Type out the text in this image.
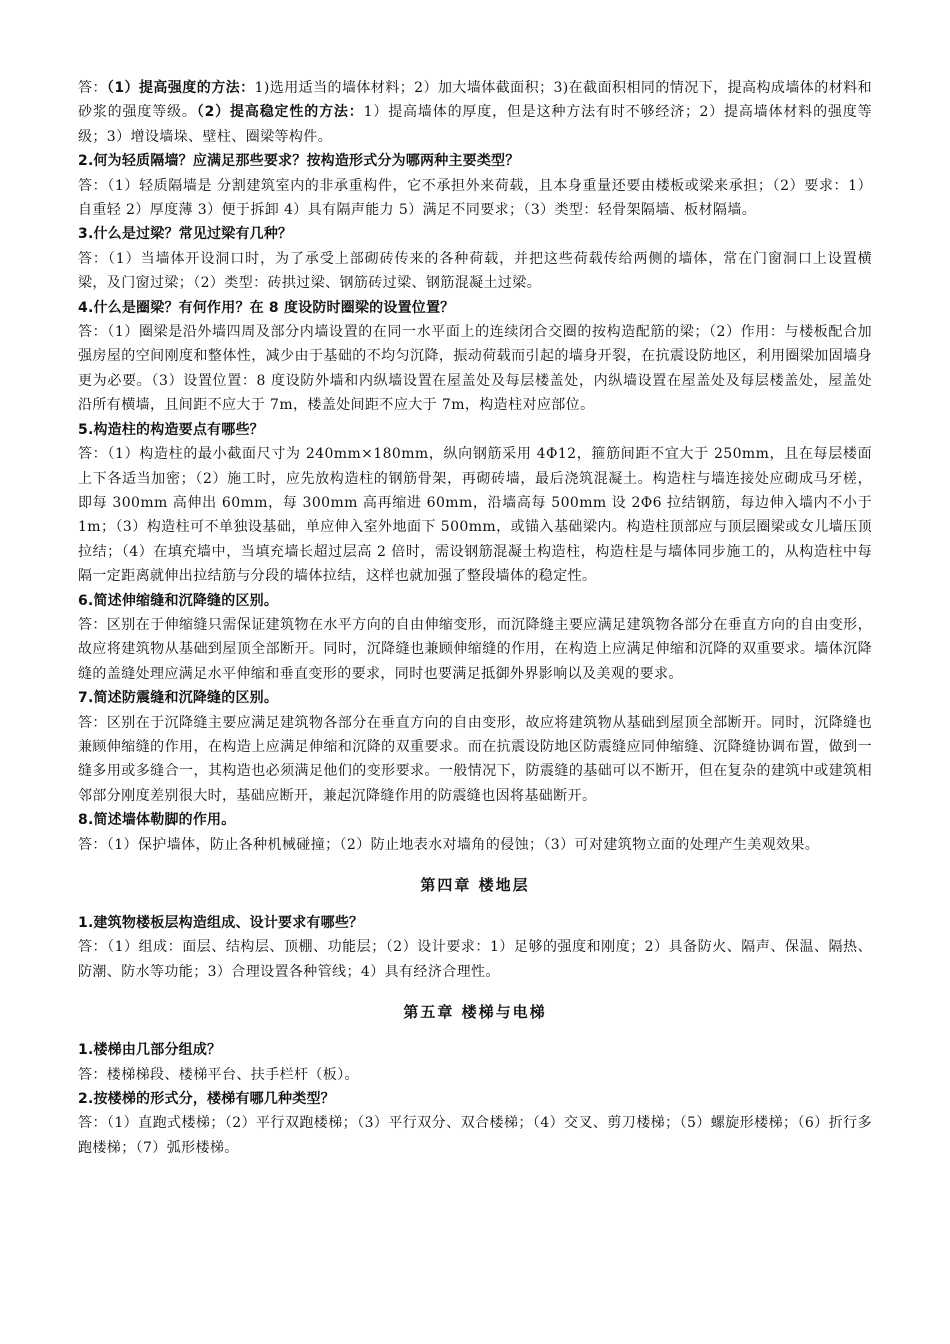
答：（1）提高强度的方法：1)选用适当的墙体材料；2）加大墙体截面积；3)在截面积相同的情况下，提高构成墙体的材料和砂浆的强度等级。（2）提高稳定性的方法：1）提高墙体的厚度，但是这种方法有时不够经济；2）提高墙体材料的强度等级；3）增设墙垛、壁柱、圈梁等构件。

2.何为轻质隔墙？应满足那些要求？按构造形式分为哪两种主要类型？

答：（1）轻质隔墙是 分割建筑室内的非承重构件，它不承担外来荷载，且本身重量还要由楼板或梁来承担；（2）要求：1）自重轻 2）厚度薄 3）便于拆卸 4）具有隔声能力 5）满足不同要求；（3）类型：轻骨架隔墙、板材隔墙。

3.什么是过梁？常见过梁有几种？

答：（1）当墙体开设洞口时，为了承受上部砌砖传来的各种荷载，并把这些荷载传给两侧的墙体，常在门窗洞口上设置横梁，及门窗过梁；（2）类型：砖拱过梁、钢筋砖过梁、钢筋混凝土过梁。

4.什么是圈梁？有何作用？在 8 度设防时圈梁的设置位置？

答：（1）圈梁是沿外墙四周及部分内墙设置的在同一水平面上的连续闭合交圈的按构造配筋的梁；（2）作用：与楼板配合加强房屋的空间刚度和整体性，减少由于基础的不均匀沉降，振动荷载而引起的墙身开裂，在抗震设防地区，利用圈梁加固墙身更为必要。（3）设置位置：8 度设防外墙和内纵墙设置在屋盖处及每层楼盖处，内纵墙设置在屋盖处及每层楼盖处，屋盖处沿所有横墙，且间距不应大于 7m，楼盖处间距不应大于 7m，构造柱对应部位。

5.构造柱的构造要点有哪些？

答：（1）构造柱的最小截面尺寸为 240mm×180mm，纵向钢筋采用 4Φ12，箍筋间距不宜大于 250mm，且在每层楼面上下各适当加密；（2）施工时，应先放构造柱的钢筋骨架，再砌砖墙，最后浇筑混凝土。构造柱与墙连接处应砌成马牙槎，即每 300mm 高伸出 60mm，每 300mm 高再缩进 60mm，沿墙高每 500mm 设 2Φ6 拉结钢筋，每边伸入墙内不小于 1m；（3）构造柱可不单独设基础，单应伸入室外地面下 500mm，或锚入基础梁内。构造柱顶部应与顶层圈梁或女儿墙压顶拉结；（4）在填充墙中，当填充墙长超过层高 2 倍时，需设钢筋混凝土构造柱，构造柱是与墙体同步施工的，从构造柱中每隔一定距离就伸出拉结筋与分段的墙体拉结，这样也就加强了整段墙体的稳定性。

6.简述伸缩缝和沉降缝的区别。

答：区别在于伸缩缝只需保证建筑物在水平方向的自由伸缩变形，而沉降缝主要应满足建筑物各部分在垂直方向的自由变形，故应将建筑物从基础到屋顶全部断开。同时，沉降缝也兼顾伸缩缝的作用，在构造上应满足伸缩和沉降的双重要求。墙体沉降缝的盖缝处理应满足水平伸缩和垂直变形的要求，同时也要满足抵御外界影响以及美观的要求。

7.简述防震缝和沉降缝的区别。

答：区别在于沉降缝主要应满足建筑物各部分在垂直方向的自由变形，故应将建筑物从基础到屋顶全部断开。同时，沉降缝也兼顾伸缩缝的作用，在构造上应满足伸缩和沉降的双重要求。而在抗震设防地区防震缝应同伸缩缝、沉降缝协调布置，做到一缝多用或多缝合一，其构造也必须满足他们的变形要求。一般情况下，防震缝的基础可以不断开，但在复杂的建筑中或建筑相邻部分刚度差别很大时，基础应断开，兼起沉降缝作用的防震缝也因将基础断开。

8.简述墙体勒脚的作用。

答：（1）保护墙体，防止各种机械碰撞；（2）防止地表水对墙角的侵蚀；（3）可对建筑物立面的处理产生美观效果。

第四章 楼地层

1.建筑物楼板层构造组成、设计要求有哪些？

答：（1）组成：面层、结构层、顶棚、功能层；（2）设计要求：1）足够的强度和刚度；2）具备防火、隔声、保温、隔热、防潮、防水等功能；3）合理设置各种管线；4）具有经济合理性。

第五章 楼梯与电梯

1.楼梯由几部分组成？

答：楼梯梯段、楼梯平台、扶手栏杆（板）。

2.按楼梯的形式分，楼梯有哪几种类型？

答：（1）直跑式楼梯；（2）平行双跑楼梯；（3）平行双分、双合楼梯；（4）交叉、剪刀楼梯；（5）螺旋形楼梯；（6）折行多跑楼梯；（7）弧形楼梯。
